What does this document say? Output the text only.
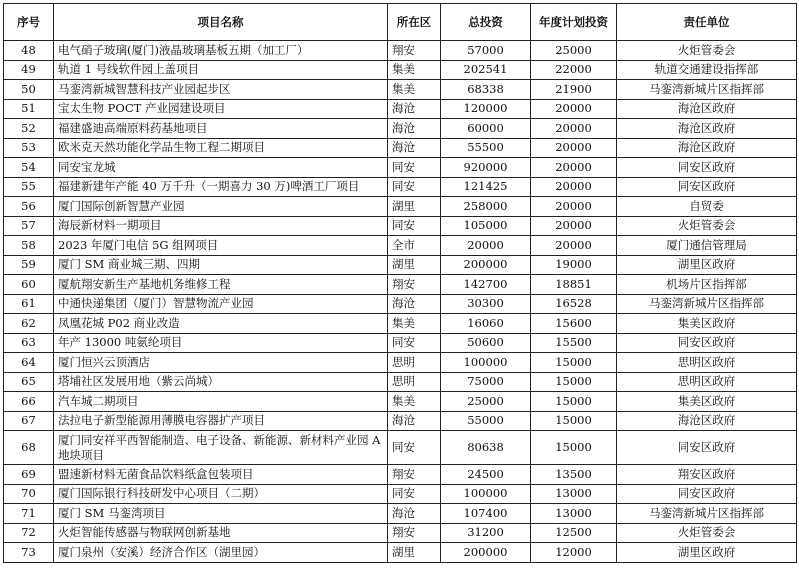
序号	项目名称	所在区	总投资	年度计划投资	责任单位
48	电气硝子玻璃(厦门)液晶玻璃基板五期（加工厂）	翔安	57000	25000	火炬管委会
49	轨道 1 号线软件园上盖项目	集美	202541	22000	轨道交通建设指挥部
50	马銮湾新城智慧科技产业园起步区	集美	68338	21900	马銮湾新城片区指挥部
51	宝太生物 POCT 产业园建设项目	海沧	120000	20000	海沧区政府
52	福建盛迪高端原料药基地项目	海沧	60000	20000	海沧区政府
53	欧米克天然功能化学品生物工程二期项目	海沧	55500	20000	海沧区政府
54	同安宝龙城	同安	920000	20000	同安区政府
55	福建新建年产能 40 万千升（一期喜力 30 万)啤酒工厂项目	同安	121425	20000	同安区政府
56	厦门国际创新智慧产业园	湖里	258000	20000	自贸委
57	海辰新材料一期项目	同安	105000	20000	火炬管委会
58	2023 年厦门电信 5G 组网项目	全市	20000	20000	厦门通信管理局
59	厦门 SM 商业城三期、四期	湖里	200000	19000	湖里区政府
60	厦航翔安新生产基地机务维修工程	翔安	142700	18851	机场片区指挥部
61	中通快递集团（厦门）智慧物流产业园	海沧	30300	16528	马銮湾新城片区指挥部
62	凤凰花城 P02 商业改造	集美	16060	15600	集美区政府
63	年产 13000 吨氨纶项目	同安	50600	15500	同安区政府
64	厦门恒兴云顶酒店	思明	100000	15000	思明区政府
65	塔埔社区发展用地（紫云尚城）	思明	75000	15000	思明区政府
66	汽车城二期项目	集美	25000	15000	集美区政府
67	法拉电子新型能源用薄膜电容器扩产项目	海沧	55000	15000	海沧区政府
68	厦门同安祥平西智能制造、电子设备、新能源、新材料产业园 A 地块项目	同安	80638	15000	同安区政府
69	盟速新材料无菌食品饮料纸盒包装项目	翔安	24500	13500	翔安区政府
70	厦门国际银行科技研发中心项目（二期）	同安	100000	13000	同安区政府
71	厦门 SM 马銮湾项目	海沧	107400	13000	马銮湾新城片区指挥部
72	火炬智能传感器与物联网创新基地	翔安	31200	12500	火炬管委会
73	厦门泉州（安溪）经济合作区（湖里园）	湖里	200000	12000	湖里区政府
